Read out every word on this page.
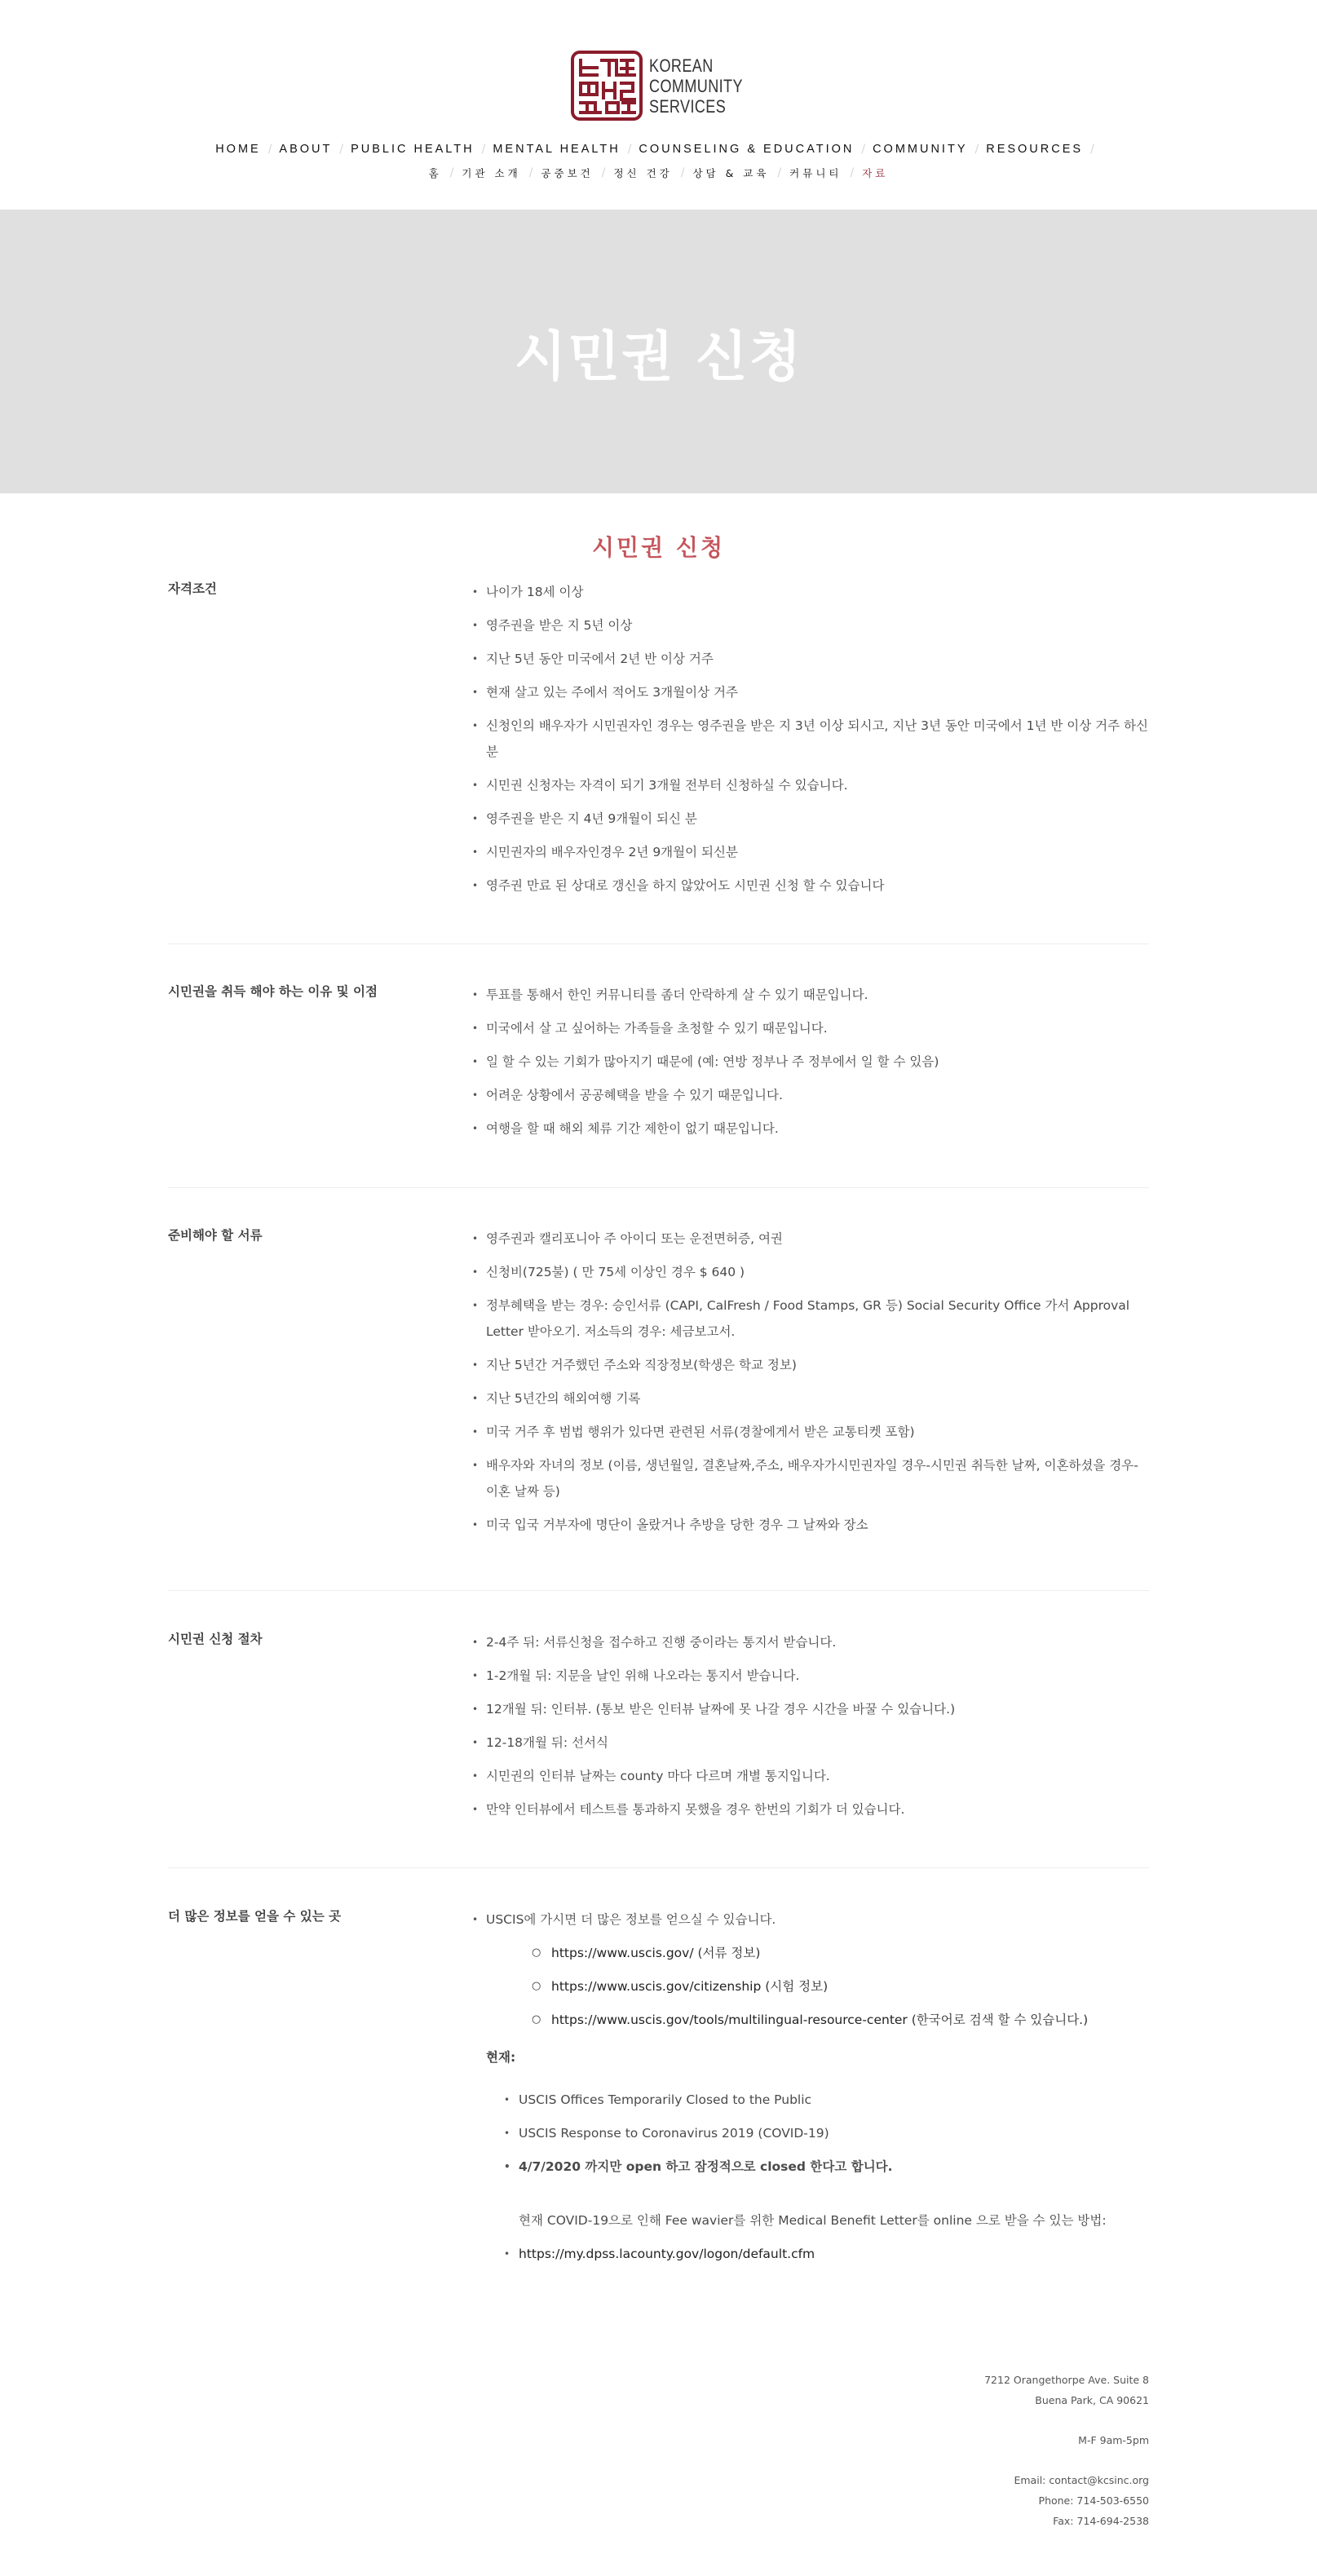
KOREAN
COMMUNITY
SERVICES
HOME / ABOUT / PUBLIC HEALTH / MENTAL HEALTH / COUNSELING & EDUCATION / COMMUNITY / RESOURCES /
홈 / 기관 소개 / 공중보건 / 정신 건강 / 상담 & 교육 / 커뮤니티 / 자료
시민권 신청
시민권 신청
자격조건	• 나이가 18세 이상
• 영주권을 받은 지 5년 이상
• 지난 5년 동안 미국에서 2년 반 이상 거주
• 현재 살고 있는 주에서 적어도 3개월이상 거주
• 신청인의 배우자가 시민권자인 경우는 영주권을 받은 지 3년 이상 되시고, 지난 3년 동안 미국에서 1년 반 이상 거주 하신 분
• 시민권 신청자는 자격이 되기 3개월 전부터 신청하실 수 있습니다.
• 영주권을 받은 지 4년 9개월이 되신 분
• 시민권자의 배우자인경우 2년 9개월이 되신분
• 영주권 만료 된 상대로 갱신을 하지 않았어도 시민권 신청 할 수 있습니다
시민권을 취득 해야 하는 이유 및 이점	• 투표를 통해서 한인 커뮤니티를 좀더 안락하게 살 수 있기 때문입니다.
• 미국에서 살 고 싶어하는 가족들을 초청할 수 있기 때문입니다.
• 일 할 수 있는 기회가 많아지기 때문에 (예: 연방 정부나 주 정부에서 일 할 수 있음)
• 어려운 상황에서 공공혜택을 받을 수 있기 때문입니다.
• 여행을 할 때 해외 체류 기간 제한이 없기 때문입니다.
준비해야 할 서류	• 영주권과 캘리포니아 주 아이디 또는 운전면허증, 여권
• 신청비(725불) ( 만 75세 이상인 경우 $ 640 )
• 정부혜택을 받는 경우: 승인서류 (CAPI, CalFresh / Food Stamps, GR 등) Social Security Office 가서 Approval Letter 받아오기. 저소득의 경우: 세금보고서.
• 지난 5년간 거주했던 주소와 직장정보(학생은 학교 정보)
• 지난 5년간의 해외여행 기록
• 미국 거주 후 범법 행위가 있다면 관련된 서류(경찰에게서 받은 교통티켓 포함)
• 배우자와 자녀의 정보 (이름, 생년월일, 결혼날짜,주소, 배우자가시민권자일 경우-시민권 취득한 날짜, 이혼하셨을 경우-이혼 날짜 등)
• 미국 입국 거부자에 명단이 올랐거나 추방을 당한 경우 그 날짜와 장소
시민권 신청 절차	• 2-4주 뒤: 서류신청을 접수하고 진행 중이라는 통지서 받습니다.
• 1-2개월 뒤: 지문을 날인 위해 나오라는 통지서 받습니다.
• 12개월 뒤: 인터뷰. (통보 받은 인터뷰 날짜에 못 나갈 경우 시간을 바꿀 수 있습니다.)
• 12-18개월 뒤: 선서식
• 시민권의 인터뷰 날짜는 county 마다 다르며 개별 통지입니다.
• 만약 인터뷰에서 테스트를 통과하지 못했을 경우 한번의 기회가 더 있습니다.
더 많은 정보를 얻을 수 있는 곳	• USCIS에 가시면 더 많은 정보를 얻으실 수 있습니다.
○ https://www.uscis.gov/ (서류 정보)
○ https://www.uscis.gov/citizenship (시험 정보)
○ https://www.uscis.gov/tools/multilingual-resource-center (한국어로 검색 할 수 있습니다.)
현재:
• USCIS Offices Temporarily Closed to the Public
• USCIS Response to Coronavirus 2019 (COVID-19)
• 4/7/2020 까지만 open 하고 잠정적으로 closed 한다고 합니다.
현재 COVID-19으로 인해 Fee wavier를 위한 Medical Benefit Letter를 online 으로 받을 수 있는 방법:
• https://my.dpss.lacounty.gov/logon/default.cfm
7212 Orangethorpe Ave. Suite 8
Buena Park, CA 90621
M-F 9am-5pm
Email: contact@kcsinc.org
Phone: 714-503-6550
Fax: 714-694-2538
